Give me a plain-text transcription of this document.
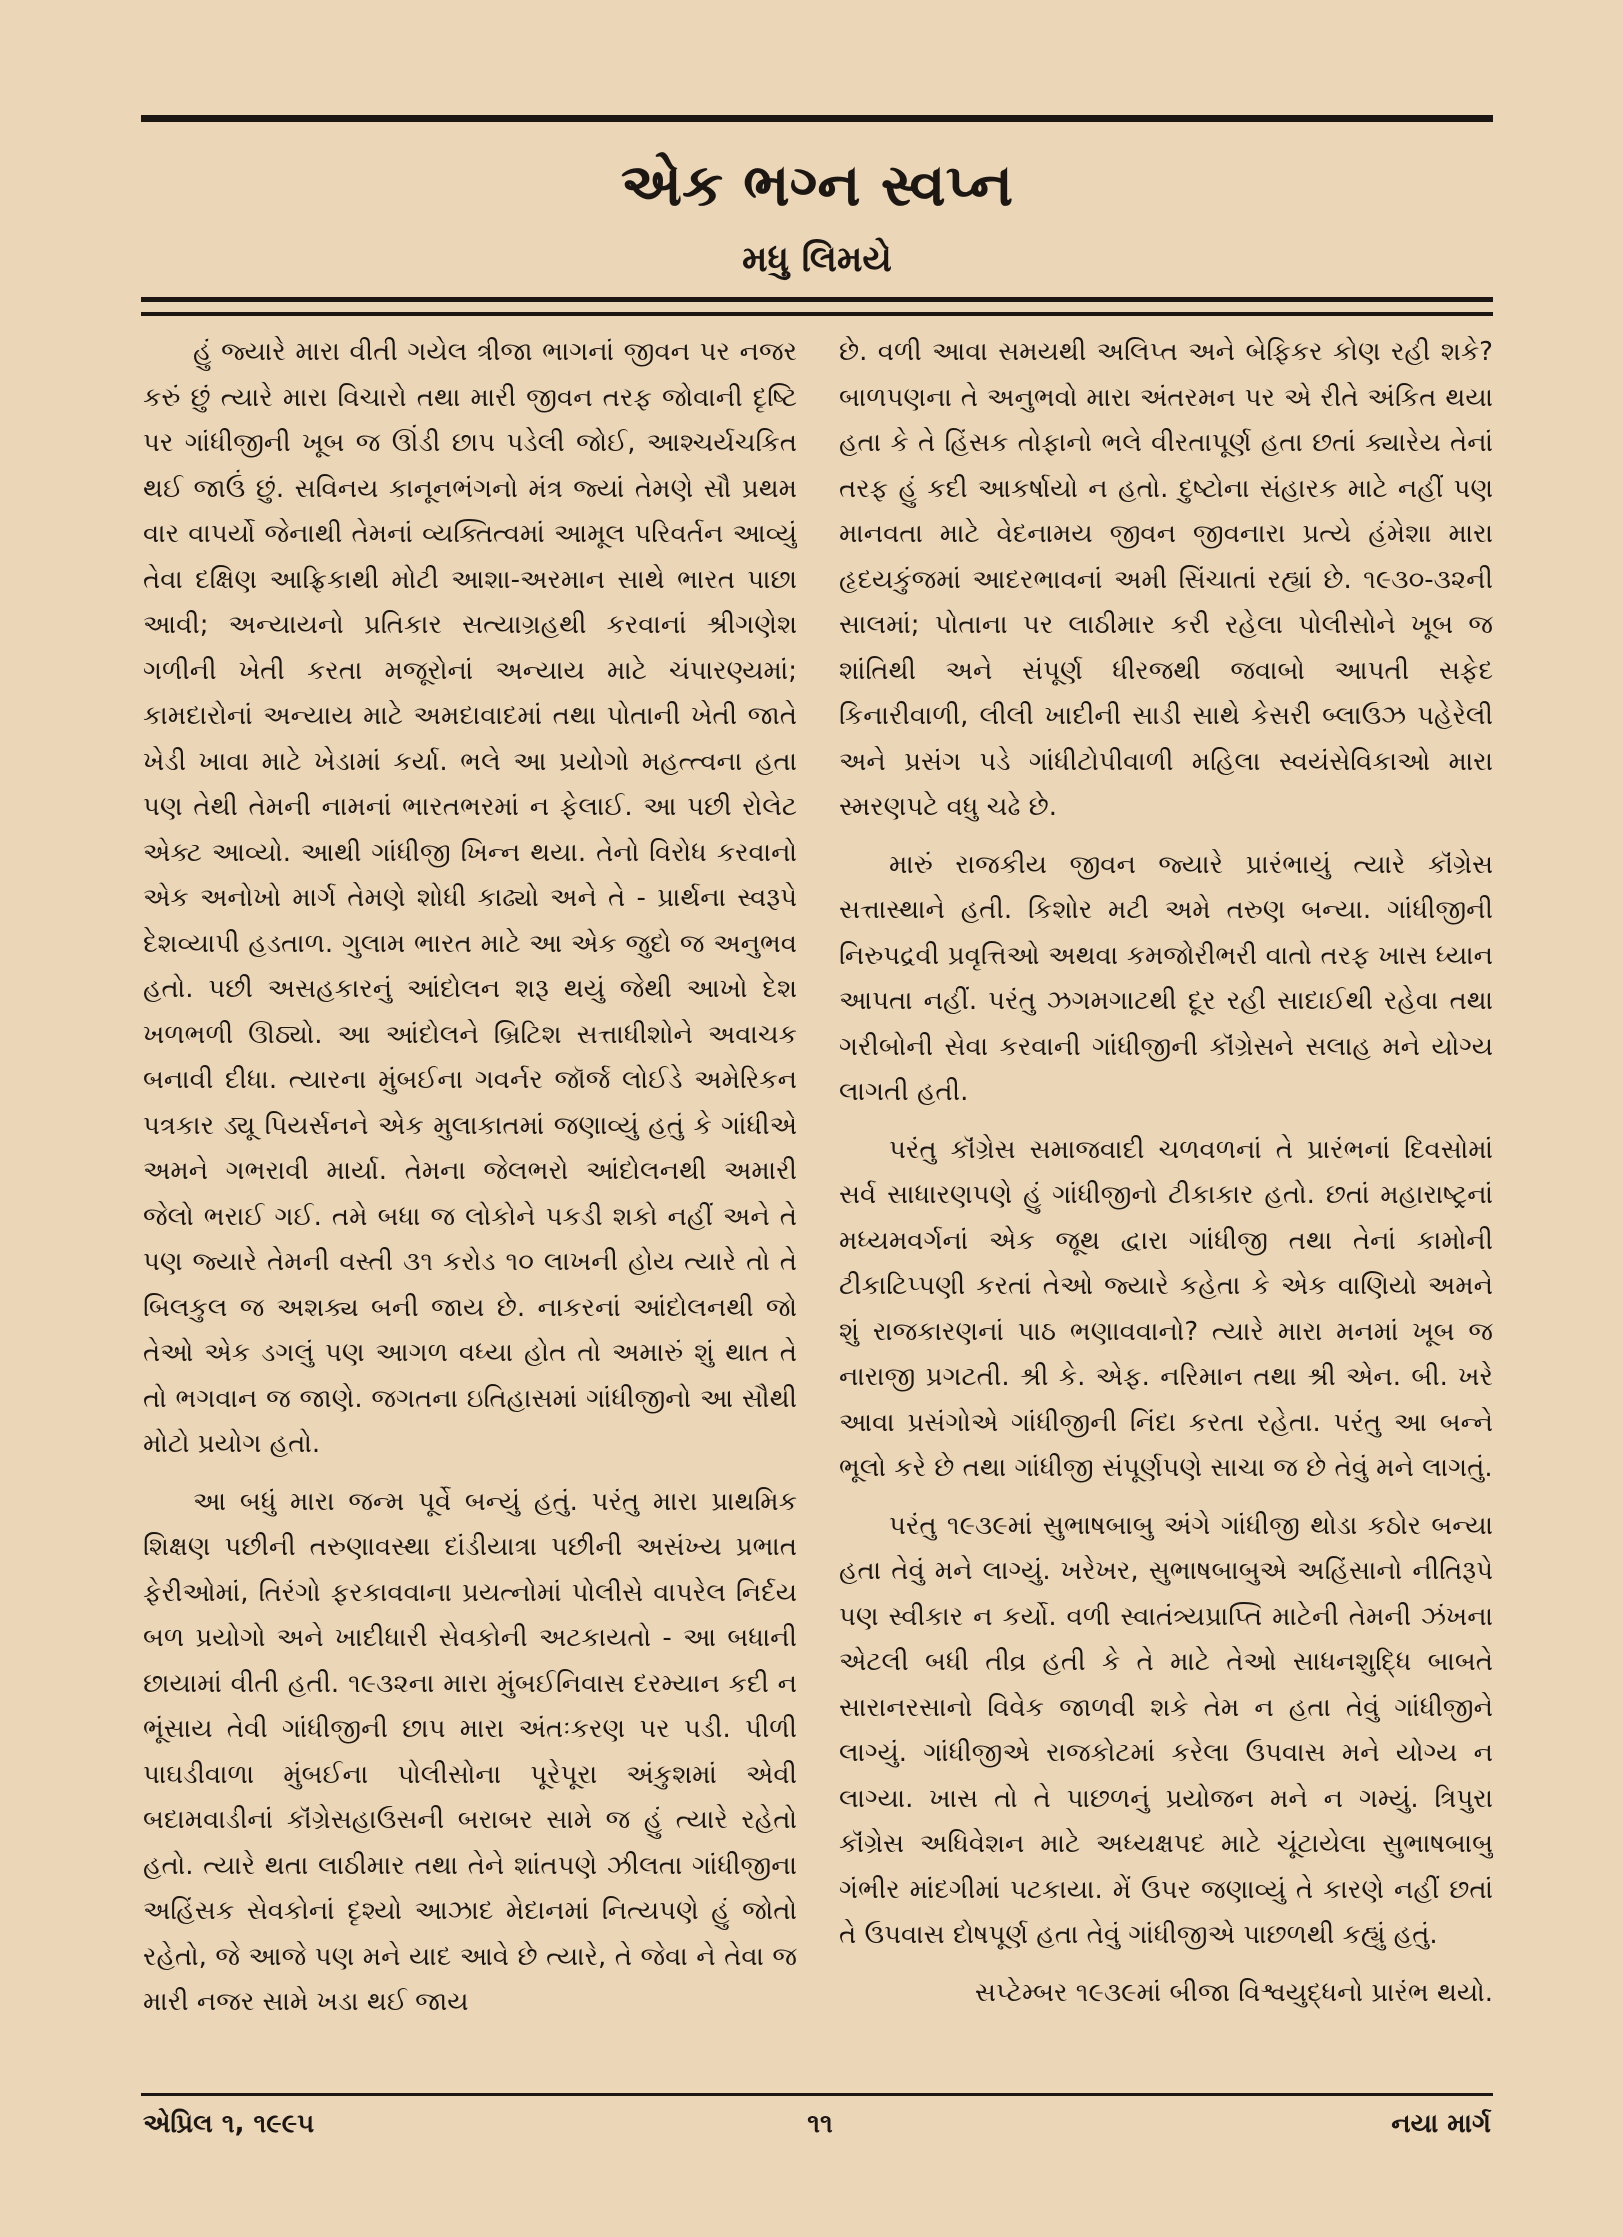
એક ભગ્ન સ્વપ્ન
મધુ લિમયે

હું જ્યારે મારા વીતી ગયેલ ત્રીજા ભાગનાં જીવન પર નજર કરું છું ત્યારે મારા વિચારો તથા મારી જીવન તરફ જોવાની દૃષ્ટિ પર ગાંધીજીની ખૂબ જ ઊંડી છાપ પડેલી જોઈ, આશ્ચર્યચકિત થઈ જાઉં છું. સવિનય કાનૂનભંગનો મંત્ર જ્યાં તેમણે સૌ પ્રથમ વાર વાપર્યો જેનાથી તેમનાં વ્યક્તિત્વમાં આમૂલ પરિવર્તન આવ્યું તેવા દક્ષિણ આફ્રિકાથી મોટી આશા-અરમાન સાથે ભારત પાછા આવી; અન્યાયનો પ્રતિકાર સત્યાગ્રહથી કરવાનાં શ્રીગણેશ ગળીની ખેતી કરતા મજૂરોનાં અન્યાય માટે ચંપારણ્યમાં; કામદારોનાં અન્યાય માટે અમદાવાદમાં તથા પોતાની ખેતી જાતે ખેડી ખાવા માટે ખેડામાં કર્યા. ભલે આ પ્રયોગો મહત્ત્વના હતા પણ તેથી તેમની નામનાં ભારતભરમાં ન ફેલાઈ. આ પછી રોલેટ એક્ટ આવ્યો. આથી ગાંધીજી ખિન્ન થયા. તેનો વિરોધ કરવાનો એક અનોખો માર્ગ તેમણે શોધી કાઢ્યો અને તે - પ્રાર્થના સ્વરૂપે દેશવ્યાપી હડતાળ. ગુલામ ભારત માટે આ એક જુદો જ અનુભવ હતો. પછી અસહકારનું આંદોલન શરૂ થયું જેથી આખો દેશ ખળભળી ઊઠ્યો. આ આંદોલને બ્રિટિશ સત્તાધીશોને અવાચક બનાવી દીધા. ત્યારના મુંબઈના ગવર્નર જૉર્જ લોઈડે અમેરિકન પત્રકાર ડ્યૂ પિયર્સનને એક મુલાકાતમાં જણાવ્યું હતું કે ગાંધીએ અમને ગભરાવી માર્યા. તેમના જેલભરો આંદોલનથી અમારી જેલો ભરાઈ ગઈ. તમે બધા જ લોકોને પકડી શકો નહીં અને તે પણ જ્યારે તેમની વસ્તી ૩૧ કરોડ ૧૦ લાખની હોય ત્યારે તો તે બિલકુલ જ અશક્ય બની જાય છે. નાકરનાં આંદોલનથી જો તેઓ એક ડગલું પણ આગળ વધ્યા હોત તો અમારું શું થાત તે તો ભગવાન જ જાણે. જગતના ઇતિહાસમાં ગાંધીજીનો આ સૌથી મોટો પ્રયોગ હતો.

આ બધું મારા જન્મ પૂર્વે બન્યું હતું. પરંતુ મારા પ્રાથમિક શિક્ષણ પછીની તરુણાવસ્થા દાંડીયાત્રા પછીની અસંખ્ય પ્રભાત ફેરીઓમાં, તિરંગો ફરકાવવાના પ્રયત્નોમાં પોલીસે વાપરેલ નિર્દય બળ પ્રયોગો અને ખાદીધારી સેવકોની અટકાયતો - આ બધાની છાયામાં વીતી હતી. ૧૯૩૨ના મારા મુંબઈનિવાસ દરમ્યાન કદી ન ભૂંસાય તેવી ગાંધીજીની છાપ મારા અંતઃકરણ પર પડી. પીળી પાઘડીવાળા મુંબઈના પોલીસોના પૂરેપૂરા અંકુશમાં એવી બદામવાડીનાં કૉંગ્રેસહાઉસની બરાબર સામે જ હું ત્યારે રહેતો હતો. ત્યારે થતા લાઠીમાર તથા તેને શાંતપણે ઝીલતા ગાંધીજીના અહિંસક સેવકોનાં દૃશ્યો આઝાદ મેદાનમાં નિત્યપણે હું જોતો રહેતો, જે આજે પણ મને યાદ આવે છે ત્યારે, તે જેવા ને તેવા જ મારી નજર સામે ખડા થઈ જાય

છે. વળી આવા સમયથી અલિપ્ત અને બેફિકર કોણ રહી શકે? બાળપણના તે અનુભવો મારા અંતરમન પર એ રીતે અંકિત થયા હતા કે તે હિંસક તોફાનો ભલે વીરતાપૂર્ણ હતા છતાં ક્યારેય તેનાં તરફ હું કદી આકર્ષાયો ન હતો. દુષ્ટોના સંહારક માટે નહીં પણ માનવતા માટે વેદનામય જીવન જીવનારા પ્રત્યે હંમેશા મારા હૃદયકુંજમાં આદરભાવનાં અમી સિંચાતાં રહ્યાં છે. ૧૯૩૦-૩૨ની સાલમાં; પોતાના પર લાઠીમાર કરી રહેલા પોલીસોને ખૂબ જ શાંતિથી અને સંપૂર્ણ ધીરજથી જવાબો આપતી સફેદ કિનારીવાળી, લીલી ખાદીની સાડી સાથે કેસરી બ્લાઉઝ પહેરેલી અને પ્રસંગ પડે ગાંધીટોપીવાળી મહિલા સ્વયંસેવિકાઓ મારા સ્મરણપટે વધુ ચઢે છે.

મારું રાજકીય જીવન જ્યારે પ્રારંભાયું ત્યારે કૉંગ્રેસ સત્તાસ્થાને હતી. કિશોર મટી અમે તરુણ બન્યા. ગાંધીજીની નિરુપદ્રવી પ્રવૃત્તિઓ અથવા કમજોરીભરી વાતો તરફ ખાસ ધ્યાન આપતા નહીં. પરંતુ ઝગમગાટથી દૂર રહી સાદાઈથી રહેવા તથા ગરીબોની સેવા કરવાની ગાંધીજીની કૉંગ્રેસને સલાહ મને યોગ્ય લાગતી હતી.

પરંતુ કૉંગ્રેસ સમાજવાદી ચળવળનાં તે પ્રારંભનાં દિવસોમાં સર્વ સાધારણપણે હું ગાંધીજીનો ટીકાકાર હતો. છતાં મહારાષ્ટ્રનાં મધ્યમવર્ગનાં એક જૂથ દ્વારા ગાંધીજી તથા તેનાં કામોની ટીકાટિપ્પણી કરતાં તેઓ જ્યારે કહેતા કે એક વાણિયો અમને શું રાજકારણનાં પાઠ ભણાવવાનો? ત્યારે મારા મનમાં ખૂબ જ નારાજી પ્રગટતી. શ્રી કે. એફ. નરિમાન તથા શ્રી એન. બી. ખરે આવા પ્રસંગોએ ગાંધીજીની નિંદા કરતા રહેતા. પરંતુ આ બન્ને ભૂલો કરે છે તથા ગાંધીજી સંપૂર્ણપણે સાચા જ છે તેવું મને લાગતું.

પરંતુ ૧૯૩૯માં સુભાષબાબુ અંગે ગાંધીજી થોડા કઠોર બન્યા હતા તેવું મને લાગ્યું. ખરેખર, સુભાષબાબુએ અહિંસાનો નીતિરૂપે પણ સ્વીકાર ન કર્યો. વળી સ્વાતંત્ર્યપ્રાપ્તિ માટેની તેમની ઝંખના એટલી બધી તીવ્ર હતી કે તે માટે તેઓ સાધનશુદ્ધિ બાબતે સારાનરસાનો વિવેક જાળવી શકે તેમ ન હતા તેવું ગાંધીજીને લાગ્યું. ગાંધીજીએ રાજકોટમાં કરેલા ઉપવાસ મને યોગ્ય ન લાગ્યા. ખાસ તો તે પાછળનું પ્રયોજન મને ન ગમ્યું. ત્રિપુરા કૉંગ્રેસ અધિવેશન માટે અધ્યક્ષપદ માટે ચૂંટાયેલા સુભાષબાબુ ગંભીર માંદગીમાં પટકાયા. મેં ઉપર જણાવ્યું તે કારણે નહીં છતાં તે ઉપવાસ દોષપૂર્ણ હતા તેવું ગાંધીજીએ પાછળથી કહ્યું હતું.

સપ્ટેમ્બર ૧૯૩૯માં બીજા વિશ્વયુદ્ધનો પ્રારંભ થયો.

એપ્રિલ ૧, ૧૯૯૫	૧૧	નયા માર્ગ
